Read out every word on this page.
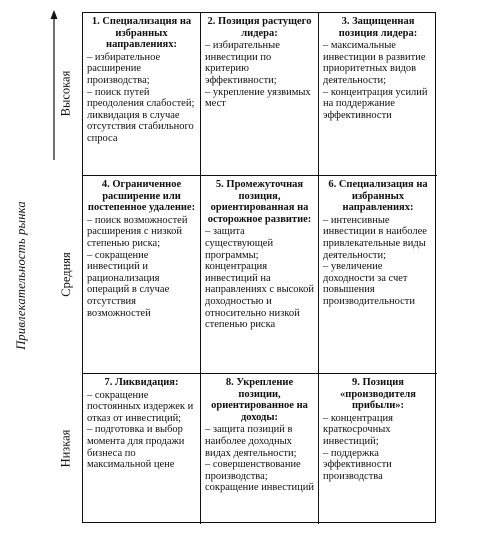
Привлекательность рынка
Высокая
Средняя
Низкая
1. Специализация на избранных направлениях:
– избирательное расширение производства;
– поиск путей преодоления слабостей;
ликвидация в случае отсутствия стабильного спроса
2. Позиция растущего лидера:
– избирательные инвестиции по критерию эффективности;
– укрепление уязвимых мест
3. Защищенная позиция лидера:
– максимальные инвестиции в развитие приоритетных видов деятельности;
– концентрация усилий на поддержание эффективности
4. Ограниченное расширение или постепенное удаление:
– поиск возможностей расширения с низкой степенью риска;
– сокращение инвестиций и рационализация операций в случае отсутствия возможностей
5. Промежуточная позиция, ориентированная на осторожное развитие:
– защита существующей программы; концентрация инвестиций на направлениях с высокой доходностью и относительно низкой степенью риска
6. Специализация на избранных направлениях:
– интенсивные инвестиции в наиболее привлекательные виды деятельности;
– увеличение доходности за счет повышения производительности
7. Ликвидация:
– сокращение постоянных издержек и отказ от инвестиций;
– подготовка и выбор момента для продажи бизнеса по максимальной цене
8. Укрепление позиции, ориентированное на доходы:
– защита позиций в наиболее доходных видах деятельности;
– совершенствование производства; сокращение инвестиций
9. Позиция «производителя прибыли»:
– концентрация краткосрочных инвестиций;
– поддержка эффективности производства
